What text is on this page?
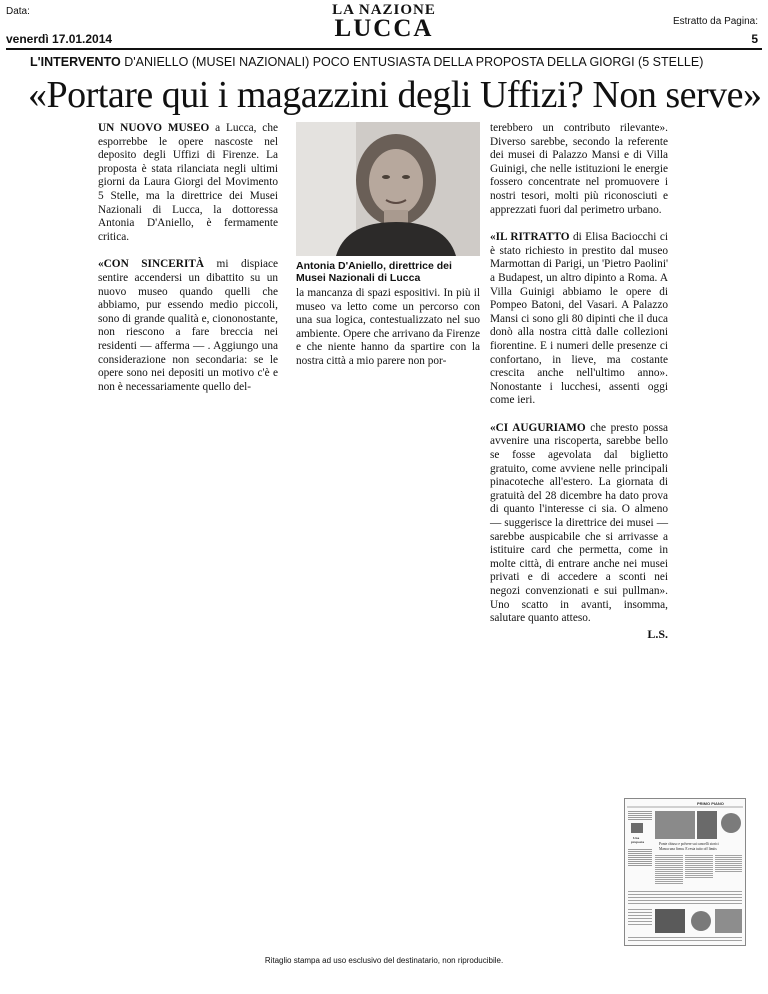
Data:
venerdì 17.01.2014
LA NAZIONE
LUCCA	Estratto da Pagina:
5
L'INTERVENTO D'ANIELLO (MUSEI NAZIONALI) POCO ENTUSIASTA DELLA PROPOSTA DELLA GIORGI (5 STELLE)
«Portare qui i magazzini degli Uffizi? Non serve»

UN NUOVO MUSEO a Lucca, che esporrebbe le opere nascoste nel deposito degli Uffizi di Firenze. La proposta è stata rilanciata negli ultimi giorni da Laura Giorgi del Movimento 5 Stelle, ma la direttrice dei Musei Nazionali di Lucca, la dottoressa Antonia D'Aniello, è fermamente critica.

«CON SINCERITÀ mi dispiace sentire accendersi un dibattito su un nuovo museo quando quelli che abbiamo, pur essendo medio piccoli, sono di grande qualità e, ciononostante, non riescono a fare breccia nei residenti — afferma — . Aggiungo una considerazione non secondaria: se le opere sono nei depositi un motivo c'è e non è necessariamente quello del-

Antonia D'Aniello, direttrice dei Musei Nazionali di Lucca

la mancanza di spazi espositivi. In più il museo va letto come un percorso con una sua logica, contestualizzato nel suo ambiente. Opere che arrivano da Firenze e che niente hanno da spartire con la nostra città a mio parere non por-

terebbero un contributo rilevante». Diverso sarebbe, secondo la referente dei musei di Palazzo Mansi e di Villa Guinigi, che nelle istituzioni le energie fossero concentrate nel promuovere i nostri tesori, molti più riconosciuti e apprezzati fuori dal perimetro urbano.

«IL RITRATTO di Elisa Baciocchi ci è stato richiesto in prestito dal museo Marmottan di Parigi, un 'Pietro Paolini' a Budapest, un altro dipinto a Roma. A Villa Guinigi abbiamo le opere di Pompeo Batoni, del Vasari. A Palazzo Mansi ci sono gli 80 dipinti che il duca donò alla nostra città dalle collezioni fiorentine. E i numeri delle presenze ci confortano, in lieve, ma costante crescita anche nell'ultimo anno». Nonostante i lucchesi, assenti oggi come ieri.

«CI AUGURIAMO che presto possa avvenire una riscoperta, sarebbe bello se fosse agevolata dal biglietto gratuito, come avviene nelle principali pinacoteche all'estero. La giornata di gratuità del 28 dicembre ha dato prova di quanto l'interesse ci sia. O almeno — suggerisce la direttrice dei musei — sarebbe auspicabile che si arrivasse a istituire card che permetta, come in molte città, di entrare anche nei musei privati e di accedere a sconti nei negozi convenzionati e sui pullman». Uno scatto in avanti, insomma, salutare quanto atteso.

L.S.
PRIMO PIANO
Una
proposta	Ponte chiuso e polvere sui cancelli storici
Manca una firma. E resta tutto off limits
Ritaglio stampa ad uso esclusivo del destinatario, non riproducibile.
